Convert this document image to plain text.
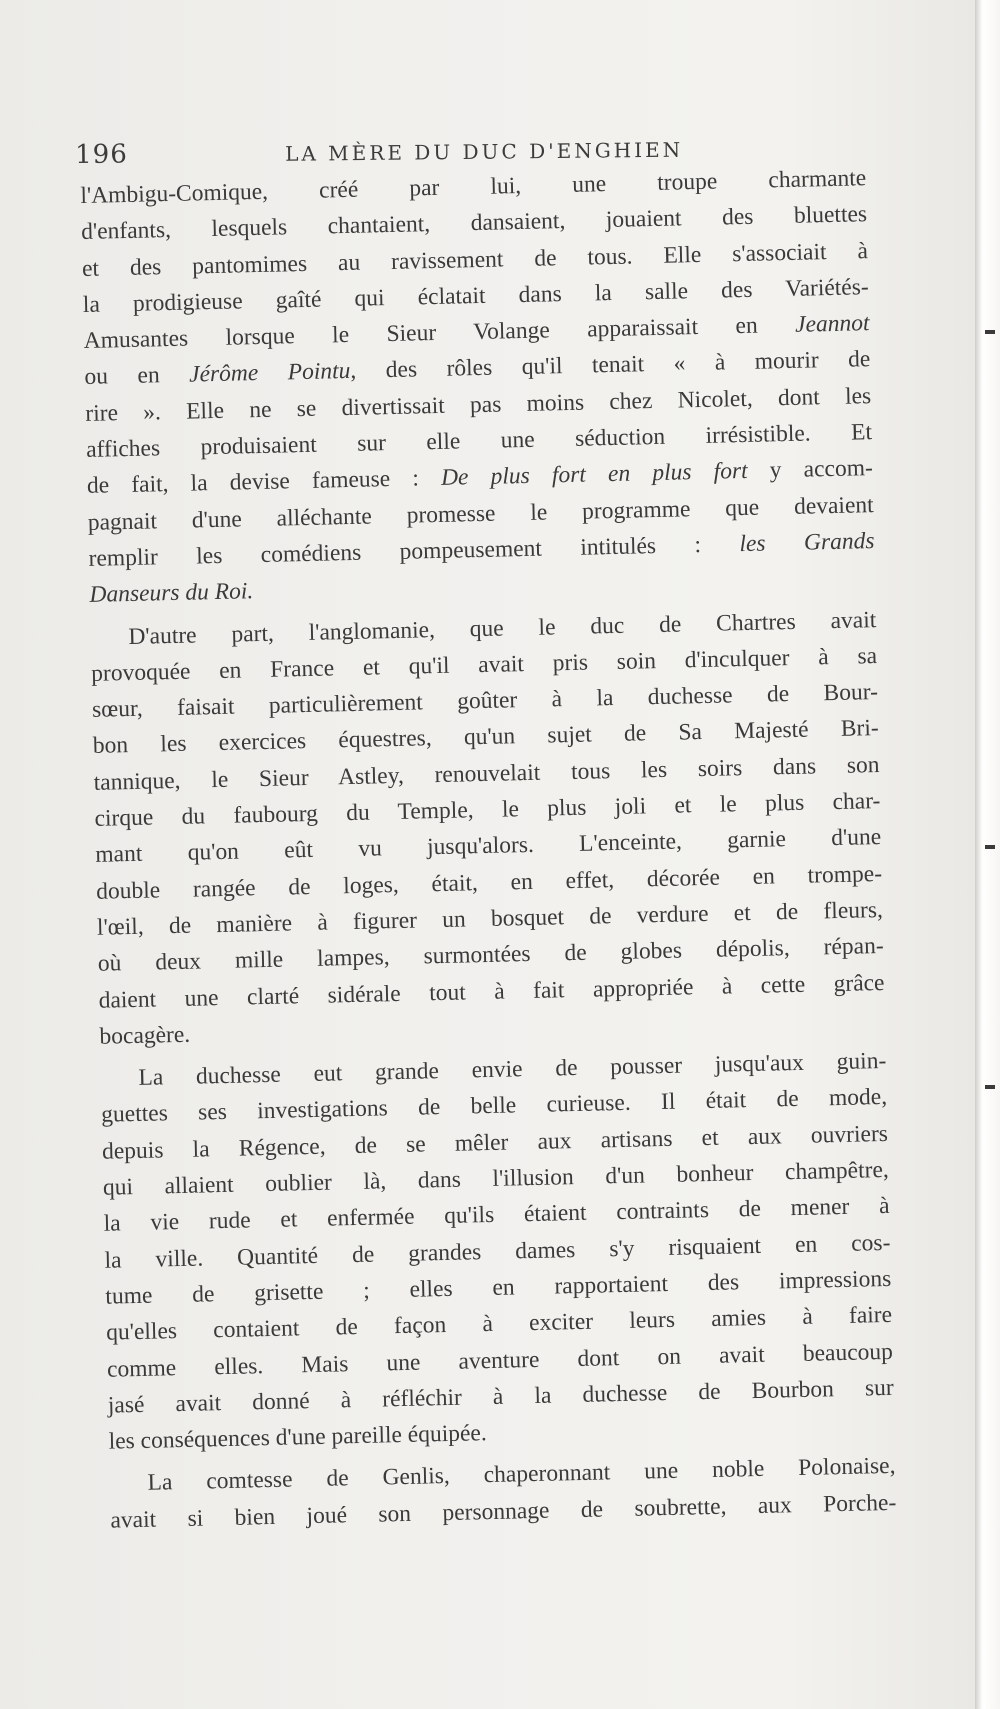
196	LA MÈRE DU DUC D'ENGHIEN
l'Ambigu-Comique, créé par lui, une troupe charmante
d'enfants, lesquels chantaient, dansaient, jouaient des bluettes
et des pantomimes au ravissement de tous. Elle s'associait à
la prodigieuse gaîté qui éclatait dans la salle des Variétés-
Amusantes lorsque le Sieur Volange apparaissait en Jeannot
ou en Jérôme Pointu, des rôles qu'il tenait « à mourir de
rire ». Elle ne se divertissait pas moins chez Nicolet, dont les
affiches produisaient sur elle une séduction irrésistible. Et
de fait, la devise fameuse : De plus fort en plus fort y accom-
pagnait d'une alléchante promesse le programme que devaient
remplir les comédiens pompeusement intitulés : les Grands
Danseurs du Roi.
D'autre part, l'anglomanie, que le duc de Chartres avait
provoquée en France et qu'il avait pris soin d'inculquer à sa
sœur, faisait particulièrement goûter à la duchesse de Bour-
bon les exercices équestres, qu'un sujet de Sa Majesté Bri-
tannique, le Sieur Astley, renouvelait tous les soirs dans son
cirque du faubourg du Temple, le plus joli et le plus char-
mant qu'on eût vu jusqu'alors. L'enceinte, garnie d'une
double rangée de loges, était, en effet, décorée en trompe-
l'œil, de manière à figurer un bosquet de verdure et de fleurs,
où deux mille lampes, surmontées de globes dépolis, répan-
daient une clarté sidérale tout à fait appropriée à cette grâce
bocagère.
La duchesse eut grande envie de pousser jusqu'aux guin-
guettes ses investigations de belle curieuse. Il était de mode,
depuis la Régence, de se mêler aux artisans et aux ouvriers
qui allaient oublier là, dans l'illusion d'un bonheur champêtre,
la vie rude et enfermée qu'ils étaient contraints de mener à
la ville. Quantité de grandes dames s'y risquaient en cos-
tume de grisette ; elles en rapportaient des impressions
qu'elles contaient de façon à exciter leurs amies à faire
comme elles. Mais une aventure dont on avait beaucoup
jasé avait donné à réfléchir à la duchesse de Bourbon sur
les conséquences d'une pareille équipée.
La comtesse de Genlis, chaperonnant une noble Polonaise,
avait si bien joué son personnage de soubrette, aux Porche-
